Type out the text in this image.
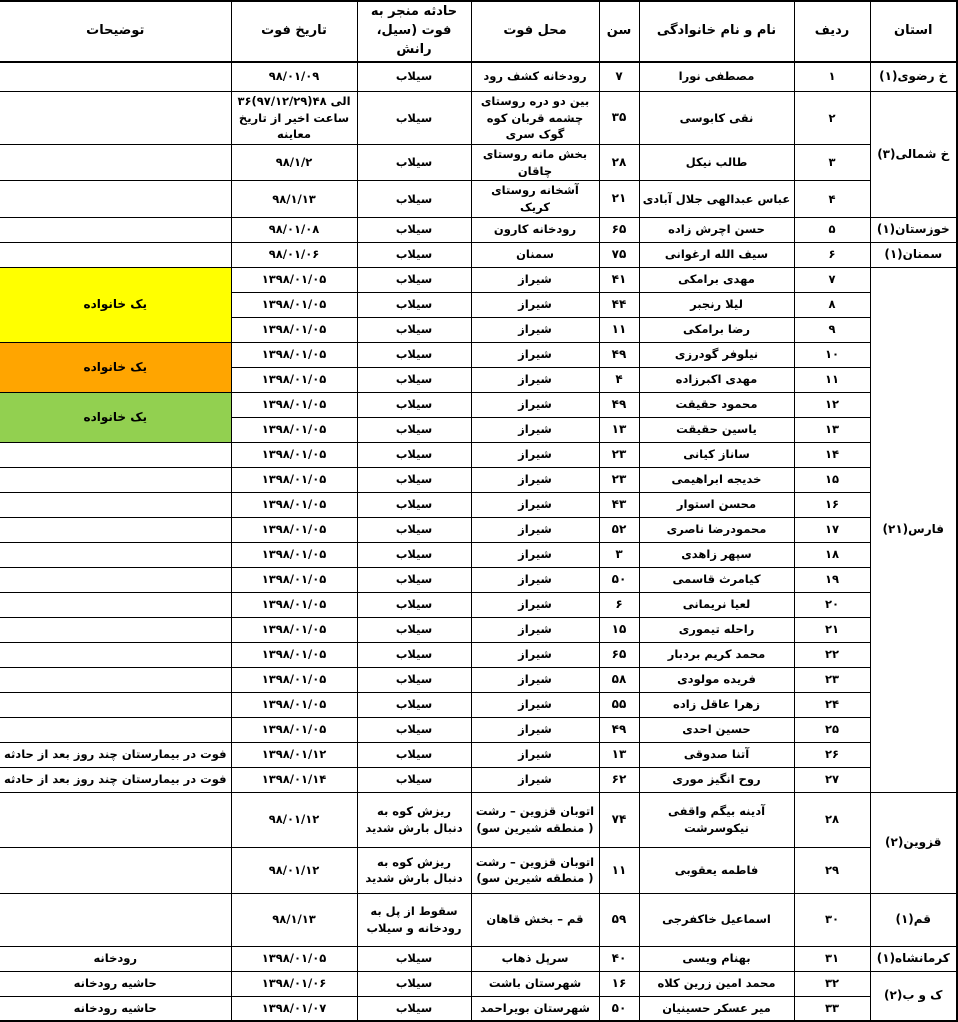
استان	ردیف	نام و نام خانوادگی	سن	محل فوت	حادثه منجر به فوت (سیل، رانش	تاریخ فوت	توضیحات
خ رضوی(۱)	۱	مصطفی نورا	۷	رودخانه کشف رود	سیلاب	۹۸/۰۱/۰۹	
خ شمالی(۳)	۲	نقی کابوسی	۳۵	بین دو دره روستای چشمه قربان کوه گوک سری	سیلاب	۳۶الی ۴۸(۹۷/۱۲/۲۹) ساعت اخیر از تاریخ معاینه	
	۳	طالب نیکل	۲۸	بخش مانه روستای چاقان	سیلاب	۹۸/۱/۲	
	۴	عباس عبدالهی جلال آبادی	۲۱	آشخانه روستای کریک	سیلاب	۹۸/۱/۱۳	
خوزستان(۱)	۵	حسن اچرش زاده	۶۵	رودخانه کارون	سیلاب	۹۸/۰۱/۰۸	
سمنان(۱)	۶	سیف الله ارغوانی	۷۵	سمنان	سیلاب	۹۸/۰۱/۰۶	
فارس(۲۱)	۷	مهدی برامکی	۴۱	شیراز	سیلاب	۱۳۹۸/۰۱/۰۵	یک خانواده
	۸	لیلا رنجبر	۴۴	شیراز	سیلاب	۱۳۹۸/۰۱/۰۵	
	۹	رضا برامکی	۱۱	شیراز	سیلاب	۱۳۹۸/۰۱/۰۵	
	۱۰	نیلوفر گودرزی	۴۹	شیراز	سیلاب	۱۳۹۸/۰۱/۰۵	یک خانواده
	۱۱	مهدی اکبرزاده	۴	شیراز	سیلاب	۱۳۹۸/۰۱/۰۵	
	۱۲	محمود حقیقت	۴۹	شیراز	سیلاب	۱۳۹۸/۰۱/۰۵	یک خانواده
	۱۳	یاسین حقیقت	۱۳	شیراز	سیلاب	۱۳۹۸/۰۱/۰۵	
	۱۴	ساناز کیانی	۲۳	شیراز	سیلاب	۱۳۹۸/۰۱/۰۵	
	۱۵	خدیجه ابراهیمی	۲۳	شیراز	سیلاب	۱۳۹۸/۰۱/۰۵	
	۱۶	محسن استوار	۴۳	شیراز	سیلاب	۱۳۹۸/۰۱/۰۵	
	۱۷	محمودرضا ناصری	۵۲	شیراز	سیلاب	۱۳۹۸/۰۱/۰۵	
	۱۸	سپهر زاهدی	۳	شیراز	سیلاب	۱۳۹۸/۰۱/۰۵	
	۱۹	کیامرث قاسمی	۵۰	شیراز	سیلاب	۱۳۹۸/۰۱/۰۵	
	۲۰	لعیا نریمانی	۶	شیراز	سیلاب	۱۳۹۸/۰۱/۰۵	
	۲۱	راحله تیموری	۱۵	شیراز	سیلاب	۱۳۹۸/۰۱/۰۵	
	۲۲	محمد کریم بردبار	۶۵	شیراز	سیلاب	۱۳۹۸/۰۱/۰۵	
	۲۳	فریده مولودی	۵۸	شیراز	سیلاب	۱۳۹۸/۰۱/۰۵	
	۲۴	زهرا عاقل زاده	۵۵	شیراز	سیلاب	۱۳۹۸/۰۱/۰۵	
	۲۵	حسین احدی	۴۹	شیراز	سیلاب	۱۳۹۸/۰۱/۰۵	
	۲۶	آتنا صدوقی	۱۳	شیراز	سیلاب	۱۳۹۸/۰۱/۱۲	فوت در بیمارستان چند روز بعد از حادثه
	۲۷	روح انگیز موری	۶۲	شیراز	سیلاب	۱۳۹۸/۰۱/۱۴	فوت در بیمارستان چند روز بعد از حادثه
قزوین(۲)	۲۸	آدینه بیگم واقفی نیکوسرشت	۷۴	اتوبان قزوین – رشت ( منطقه شیرین سو)	ریزش کوه به دنبال بارش شدید	۹۸/۰۱/۱۲	
	۲۹	فاطمه یعقوبی	۱۱	اتوبان قزوین – رشت ( منطقه شیرین سو)	ریزش کوه به دنبال بارش شدید	۹۸/۰۱/۱۲	
قم(۱)	۳۰	اسماعیل خاکفرجی	۵۹	قم – بخش قاهان	سقوط از پل به رودخانه و سیلاب	۹۸/۱/۱۳	
کرمانشاه(۱)	۳۱	بهنام ویسی	۴۰	سرپل ذهاب	سیلاب	۱۳۹۸/۰۱/۰۵	رودخانه
ک و ب(۲)	۳۲	محمد امین زرین کلاه	۱۶	شهرستان باشت	سیلاب	۱۳۹۸/۰۱/۰۶	حاشیه رودخانه
	۳۳	میر عسکر حسینیان	۵۰	شهرستان بویراحمد	سیلاب	۱۳۹۸/۰۱/۰۷	حاشیه رودخانه
